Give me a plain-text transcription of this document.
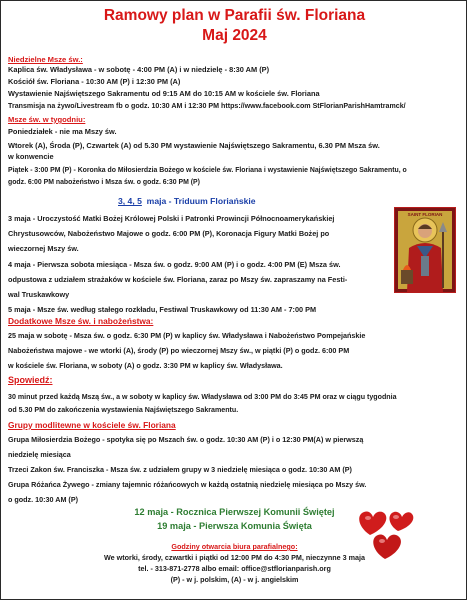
Ramowy plan w Parafii św. Floriana
Maj 2024
Niedzielne Msze św.:
Kaplica św. Władysława - w sobotę - 4:00 PM (A) i w niedzielę - 8:30 AM (P)
Kościół św. Floriana - 10:30 AM (P) i 12:30 PM (A)
Wystawienie Najświętszego Sakramentu od 9:15 AM do 10:15 AM w kościele św. Floriana
Transmisja na żywo/Livestream fb o godz. 10:30 AM i 12:30 PM https://www.facebook.com StFlorianParishHamtramck/
Msze św. w tygodniu:
Poniedziałek - nie ma Mszy św.
Wtorek (A), Środa (P), Czwartek (A) od 5.30 PM wystawienie Najświętszego Sakramentu, 6.30 PM Msza św.
w konwencie
Piątek - 3:00 PM (P) - Koronka do Miłosierdzia Bożego w kościele św. Floriana i wystawienie Najświętszego Sakramentu, o
godz. 6:00 PM nabożeństwo i Msza św. o godz. 6:30 PM (P)
3, 4, 5 maja - Triduum Floriańskie
3 maja - Uroczystość Matki Bożej Królowej Polski i Patronki Prowincji Północnoamerykańskiej
Chrystusowców, Nabożeństwo Majowe o godz. 6:00 PM (P), Koronacja Figury Matki Bożej po
wieczornej Mszy św.
4 maja - Pierwsza sobota miesiąca - Msza św. o godz. 9:00 AM (P) i o godz. 4:00 PM (E) Msza św.
odpustowa z udziałem strażaków w kościele św. Floriana, zaraz po Mszy św. zapraszamy na Festi-
wal Truskawkowy
5 maja - Msze św. według stałego rozkładu, Festiwal Truskawkowy od 11:30 AM - 7:00 PM
SAINT FLORIAN
Dodatkowe Msze św. i nabożeństwa:
25 maja w sobotę - Msza św. o godz. 6:30 PM (P) w kaplicy św. Władysława i Nabożeństwo Pompejańskie
Nabożeństwa majowe - we wtorki (A), środy (P) po wieczornej Mszy św., w piątki (P) o godz. 6:00 PM
w kościele św. Floriana, w soboty (A) o godz. 3:30 PM w kaplicy św. Władysława.
Spowiedź:
30 minut przed każdą Mszą św., a w soboty w kaplicy św. Władysława od 3:00 PM do 3:45 PM oraz w ciągu tygodnia
od 5.30 PM do zakończenia wystawienia Najświętszego Sakramentu.
Grupy modlitewne w kościele św. Floriana
Grupa Miłosierdzia Bożego - spotyka się po Mszach św. o godz. 10:30 AM (P) i o 12:30 PM(A) w pierwszą
niedzielę miesiąca
Trzeci Zakon św. Franciszka - Msza św. z udziałem grupy w 3 niedzielę miesiąca o godz. 10:30 AM (P)
Grupa Różańca Żywego - zmiany tajemnic różańcowych w każdą ostatnią niedzielę miesiąca po Mszy św.
o godz. 10:30 AM (P)
12 maja - Rocznica Pierwszej Komunii Świętej
19 maja - Pierwsza Komunia Święta
Godziny otwarcia biura parafialnego:
We wtorki, środy, czwartki i piątki od 12:00 PM do 4:30 PM, nieczynne 3 maja
tel. - 313-871-2778 albo email: office@stflorianparish.org
(P) - w j. polskim, (A) - w j. angielskim
